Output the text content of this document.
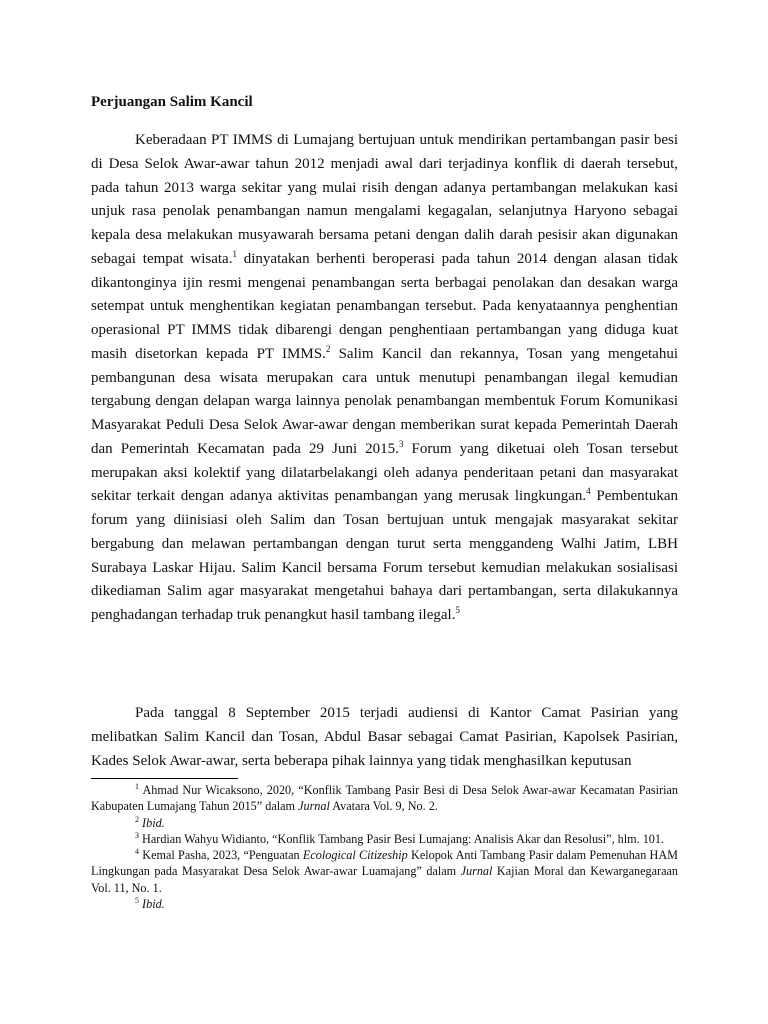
Perjuangan Salim Kancil

Keberadaan PT IMMS di Lumajang bertujuan untuk mendirikan pertambangan pasir besi di Desa Selok Awar-awar tahun 2012 menjadi awal dari terjadinya konflik di daerah tersebut, pada tahun 2013 warga sekitar yang mulai risih dengan adanya pertambangan melakukan kasi unjuk rasa penolak penambangan namun mengalami kegagalan, selanjutnya Haryono sebagai kepala desa melakukan musyawarah bersama petani dengan dalih darah pesisir akan digunakan sebagai tempat wisata.$^1$ dinyatakan berhenti beroperasi pada tahun 2014 dengan alasan tidak dikantonginya ijin resmi mengenai penambangan serta berbagai penolakan dan desakan warga setempat untuk menghentikan kegiatan penambangan tersebut. Pada kenyataannya penghentian operasional PT IMMS tidak dibarengi dengan penghentiaan pertambangan yang diduga kuat masih disetorkan kepada PT IMMS.$^2$ Salim Kancil dan rekannya, Tosan yang mengetahui pembangunan desa wisata merupakan cara untuk menutupi penambangan ilegal kemudian tergabung dengan delapan warga lainnya penolak penambangan membentuk Forum Komunikasi Masyarakat Peduli Desa Selok Awar-awar dengan memberikan surat kepada Pemerintah Daerah dan Pemerintah Kecamatan pada 29 Juni 2015.$^3$ Forum yang diketuai oleh Tosan tersebut merupakan aksi kolektif yang dilatarbelakangi oleh adanya penderitaan petani dan masyarakat sekitar terkait dengan adanya aktivitas penambangan yang merusak lingkungan.$^4$ Pembentukan forum yang diinisiasi oleh Salim dan Tosan bertujuan untuk mengajak masyarakat sekitar bergabung dan melawan pertambangan dengan turut serta menggandeng Walhi Jatim, LBH Surabaya Laskar Hijau. Salim Kancil bersama Forum tersebut kemudian melakukan sosialisasi dikediaman Salim agar masyarakat mengetahui bahaya dari pertambangan, serta dilakukannya penghadangan terhadap truk penangkut hasil tambang ilegal.$^5$

Pada tanggal 8 September 2015 terjadi audiensi di Kantor Camat Pasirian yang melibatkan Salim Kancil dan Tosan, Abdul Basar sebagai Camat Pasirian, Kapolsek Pasirian, Kades Selok Awar-awar, serta beberapa pihak lainnya yang tidak menghasilkan keputusan

$^1$ Ahmad Nur Wicaksono, 2020, “Konflik Tambang Pasir Besi di Desa Selok Awar-awar Kecamatan Pasirian Kabupaten Lumajang Tahun 2015” dalam Jurnal Avatara Vol. 9, No. 2.

$^2$ Ibid.

$^3$ Hardian Wahyu Widianto, “Konflik Tambang Pasir Besi Lumajang: Analisis Akar dan Resolusi”, hlm. 101.

$^4$ Kemal Pasha, 2023, “Penguatan Ecological Citizeship Kelopok Anti Tambang Pasir dalam Pemenuhan HAM Lingkungan pada Masyarakat Desa Selok Awar-awar Luamajang” dalam Jurnal Kajian Moral dan Kewarganegaraan Vol. 11, No. 1.

$^5$ Ibid.
